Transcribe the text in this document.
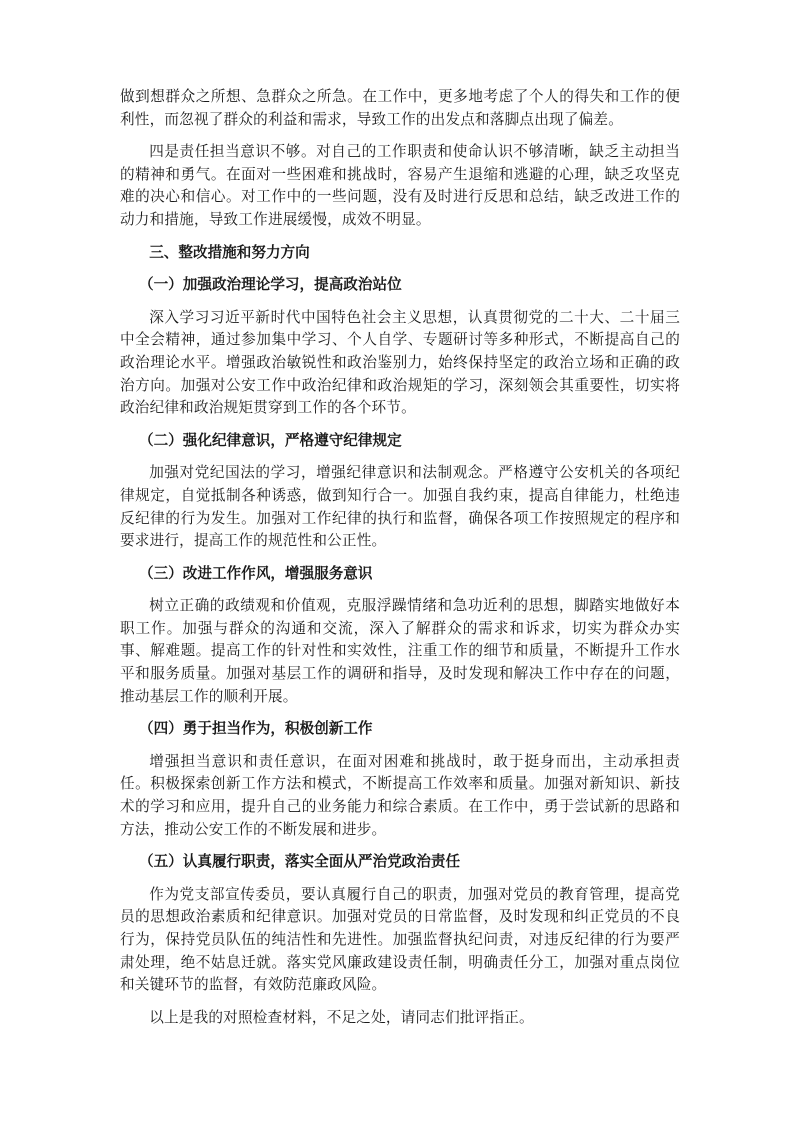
做到想群众之所想、急群众之所急。在工作中，更多地考虑了个人的得失和工作的便利性，而忽视了群众的利益和需求，导致工作的出发点和落脚点出现了偏差。

四是责任担当意识不够。对自己的工作职责和使命认识不够清晰，缺乏主动担当的精神和勇气。在面对一些困难和挑战时，容易产生退缩和逃避的心理，缺乏攻坚克难的决心和信心。对工作中的一些问题，没有及时进行反思和总结，缺乏改进工作的动力和措施，导致工作进展缓慢，成效不明显。

三、整改措施和努力方向

（一）加强政治理论学习，提高政治站位

深入学习习近平新时代中国特色社会主义思想，认真贯彻党的二十大、二十届三中全会精神，通过参加集中学习、个人自学、专题研讨等多种形式，不断提高自己的政治理论水平。增强政治敏锐性和政治鉴别力，始终保持坚定的政治立场和正确的政治方向。加强对公安工作中政治纪律和政治规矩的学习，深刻领会其重要性，切实将政治纪律和政治规矩贯穿到工作的各个环节。

（二）强化纪律意识，严格遵守纪律规定

加强对党纪国法的学习，增强纪律意识和法制观念。严格遵守公安机关的各项纪律规定，自觉抵制各种诱惑，做到知行合一。加强自我约束，提高自律能力，杜绝违反纪律的行为发生。加强对工作纪律的执行和监督，确保各项工作按照规定的程序和要求进行，提高工作的规范性和公正性。

（三）改进工作作风，增强服务意识

树立正确的政绩观和价值观，克服浮躁情绪和急功近利的思想，脚踏实地做好本职工作。加强与群众的沟通和交流，深入了解群众的需求和诉求，切实为群众办实事、解难题。提高工作的针对性和实效性，注重工作的细节和质量，不断提升工作水平和服务质量。加强对基层工作的调研和指导，及时发现和解决工作中存在的问题，推动基层工作的顺利开展。

（四）勇于担当作为，积极创新工作

增强担当意识和责任意识，在面对困难和挑战时，敢于挺身而出，主动承担责任。积极探索创新工作方法和模式，不断提高工作效率和质量。加强对新知识、新技术的学习和应用，提升自己的业务能力和综合素质。在工作中，勇于尝试新的思路和方法，推动公安工作的不断发展和进步。

（五）认真履行职责，落实全面从严治党政治责任

作为党支部宣传委员，要认真履行自己的职责，加强对党员的教育管理，提高党员的思想政治素质和纪律意识。加强对党员的日常监督，及时发现和纠正党员的不良行为，保持党员队伍的纯洁性和先进性。加强监督执纪问责，对违反纪律的行为要严肃处理，绝不姑息迁就。落实党风廉政建设责任制，明确责任分工，加强对重点岗位和关键环节的监督，有效防范廉政风险。

以上是我的对照检查材料，不足之处，请同志们批评指正。
